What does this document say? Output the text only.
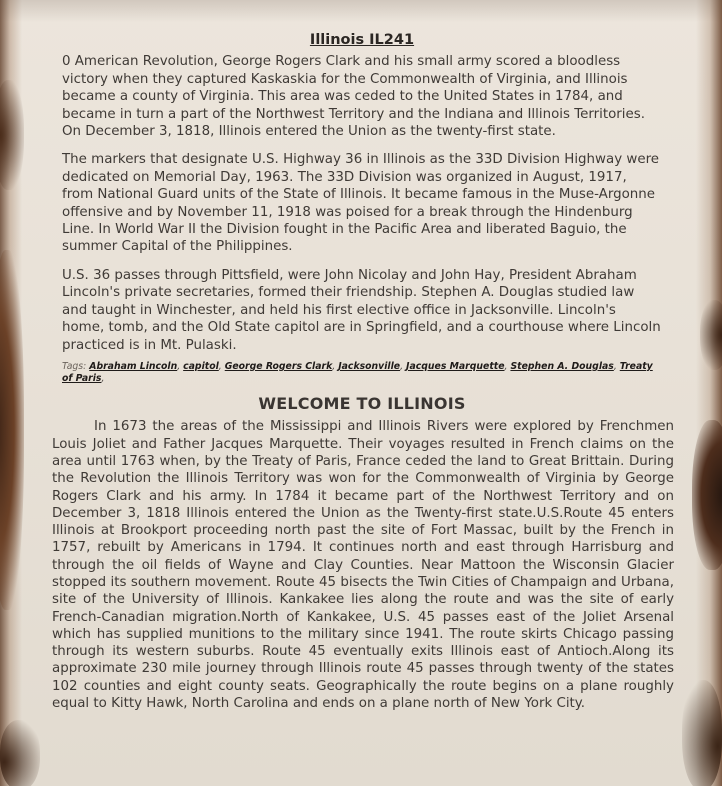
Illinois IL241

0 American Revolution, George Rogers Clark and his small army scored a bloodless victory when they captured Kaskaskia for the Commonwealth of Virginia, and Illinois became a county of Virginia. This area was ceded to the United States in 1784, and became in turn a part of the Northwest Territory and the Indiana and Illinois Territories. On December 3, 1818, Illinois entered the Union as the twenty-first state.

The markers that designate U.S. Highway 36 in Illinois as the 33D Division Highway were dedicated on Memorial Day, 1963. The 33D Division was organized in August, 1917, from National Guard units of the State of Illinois. It became famous in the Muse-Argonne offensive and by November 11, 1918 was poised for a break through the Hindenburg Line. In World War II the Division fought in the Pacific Area and liberated Baguio, the summer Capital of the Philippines.

U.S. 36 passes through Pittsfield, were John Nicolay and John Hay, President Abraham Lincoln's private secretaries, formed their friendship. Stephen A. Douglas studied law and taught in Winchester, and held his first elective office in Jacksonville. Lincoln's home, tomb, and the Old State capitol are in Springfield, and a courthouse where Lincoln practiced is in Mt. Pulaski.

Tags: Abraham Lincoln, capitol, George Rogers Clark, Jacksonville, Jacques Marquette, Stephen A. Douglas, Treaty of Paris,
WELCOME TO ILLINOIS

In 1673 the areas of the Mississippi and Illinois Rivers were explored by Frenchmen Louis Joliet and Father Jacques Marquette. Their voyages resulted in French claims on the area until 1763 when, by the Treaty of Paris, France ceded the land to Great Brittain. During the Revolution the Illinois Territory was won for the Commonwealth of Virginia by George Rogers Clark and his army. In 1784 it became part of the Northwest Territory and on December 3, 1818 Illinois entered the Union as the Twenty-first state.U.S.Route 45 enters Illinois at Brookport proceeding north past the site of Fort Massac, built by the French in 1757, rebuilt by Americans in 1794. It continues north and east through Harrisburg and through the oil fields of Wayne and Clay Counties. Near Mattoon the Wisconsin Glacier stopped its southern movement. Route 45 bisects the Twin Cities of Champaign and Urbana, site of the University of Illinois. Kankakee lies along the route and was the site of early French-Canadian migration.North of Kankakee, U.S. 45 passes east of the Joliet Arsenal which has supplied munitions to the military since 1941. The route skirts Chicago passing through its western suburbs. Route 45 eventually exits Illinois east of Antioch.Along its approximate 230 mile journey through Illinois route 45 passes through twenty of the states 102 counties and eight county seats. Geographically the route begins on a plane roughly equal to Kitty Hawk, North Carolina and ends on a plane north of New York City.
